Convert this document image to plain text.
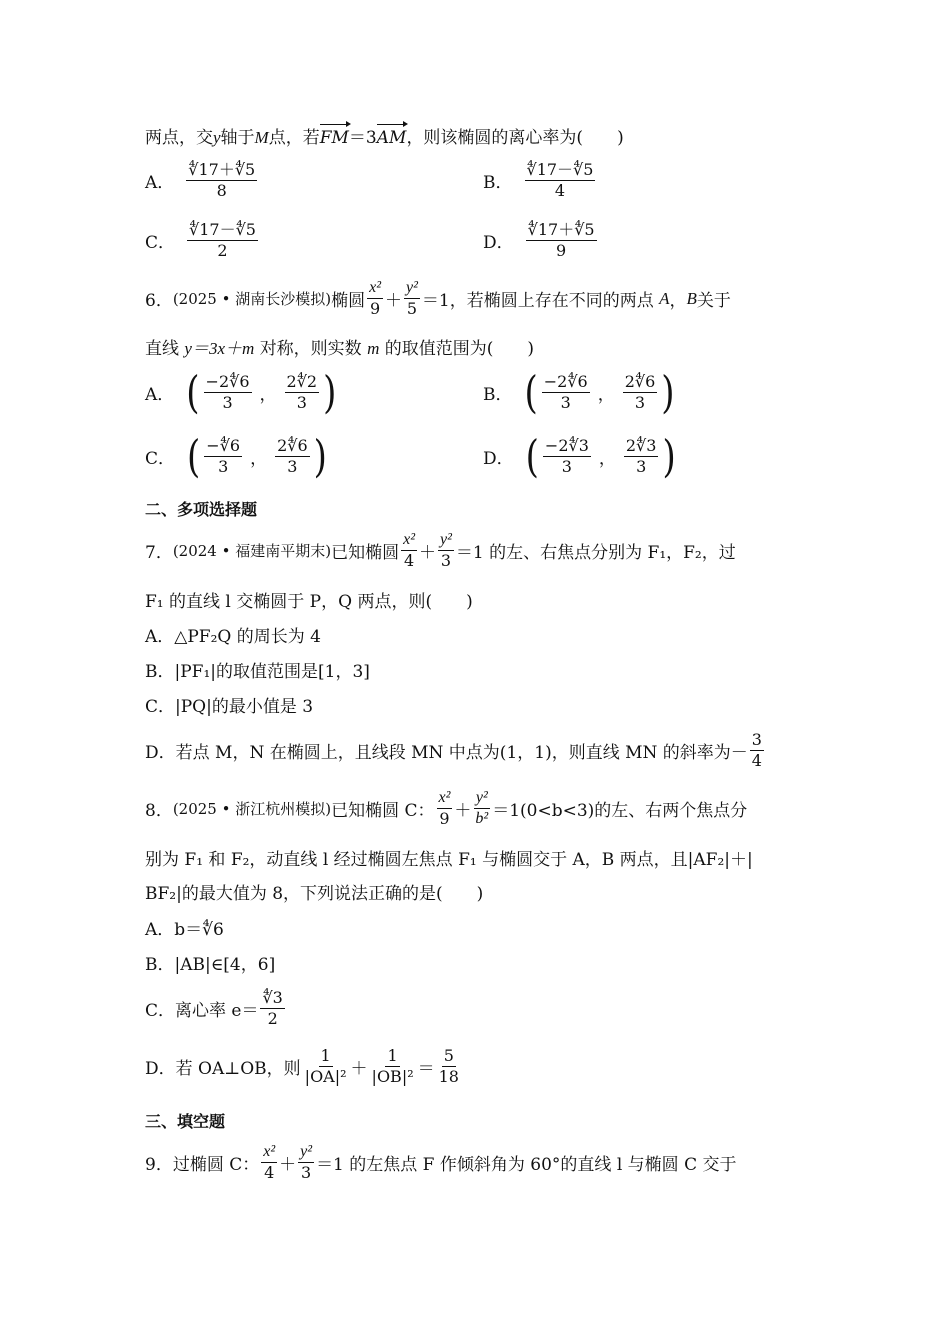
两点，交y轴于M点，若FM＝3AM，则该椭圆的离心率为(　　)
A． $\frac{∜17+∜5}{8}$	B． $\frac{∜17-∜5}{4}$
C． $\frac{∜17-∜5}{2}$	D． $\frac{∜17+∜5}{9}$
6． (2025 • 湖南长沙模拟) 椭圆 $\frac{\text{x²}}{9} + \frac{\text{y²}}{5} =1$，若椭圆上存在不同的两点
A ， B 关于
直线 y＝3x＋m 对称，则实数 m 的取值范围为(　　)
A． ( $\frac{-2∜6}{3}$ ， $\frac{2∜2}{3}$ )	B． ( $\frac{-2∜6}{3}$ ， $\frac{2∜6}{3}$ )
C． ( $\frac{-∜6}{3}$ ， $\frac{2∜6}{3}$ )	D． ( $\frac{-2∜3}{3}$ ， $\frac{2∜3}{3}$ )
二、多项选择题
7． (2024 • 福建南平期末) 已知椭圆 $\frac{\text{x²}}{4} + \frac{\text{y²}}{3} =1$ 的左、右焦点分别为 F₁，F₂，过
F₁ 的直线 l 交椭圆于 P，Q 两点，则(　　)
A．△PF₂Q 的周长为 4
B．|PF₁|的取值范围是[1，3]
C．|PQ|的最小值是 3
D．若点 M，N 在椭圆上，且线段 MN 中点为(1，1)，则直线 MN 的斜率为－ $\frac{3}{4}$
8． (2025 • 浙江杭州模拟) 已知椭圆 C： $\frac{\text{x²}}{9} + \frac{\text{y²}}{\text{b²}} =1(0<b<3)$的左、右两个焦点分
别为 F₁ 和 F₂，动直线 l 经过椭圆左焦点 F₁ 与椭圆交于 A，B 两点，且|AF₂|＋|
BF₂|的最大值为 8，下列说法正确的是(　　)
A．b＝∜6
B．|AB|∈[4，6]
C．离心率 $e= \frac{∜3}{2}$
D．若 OA⊥OB，则 $\frac{1}{\text{|OA|²}} + \frac{1}{\text{|OB|²}} = \frac{5}{18}$
三、填空题
9． 过椭圆 C： $\frac{\text{x²}}{4} + \frac{\text{y²}}{3} =1$ 的左焦点 F 作倾斜角为 60°的直线 l 与椭圆 C 交于
